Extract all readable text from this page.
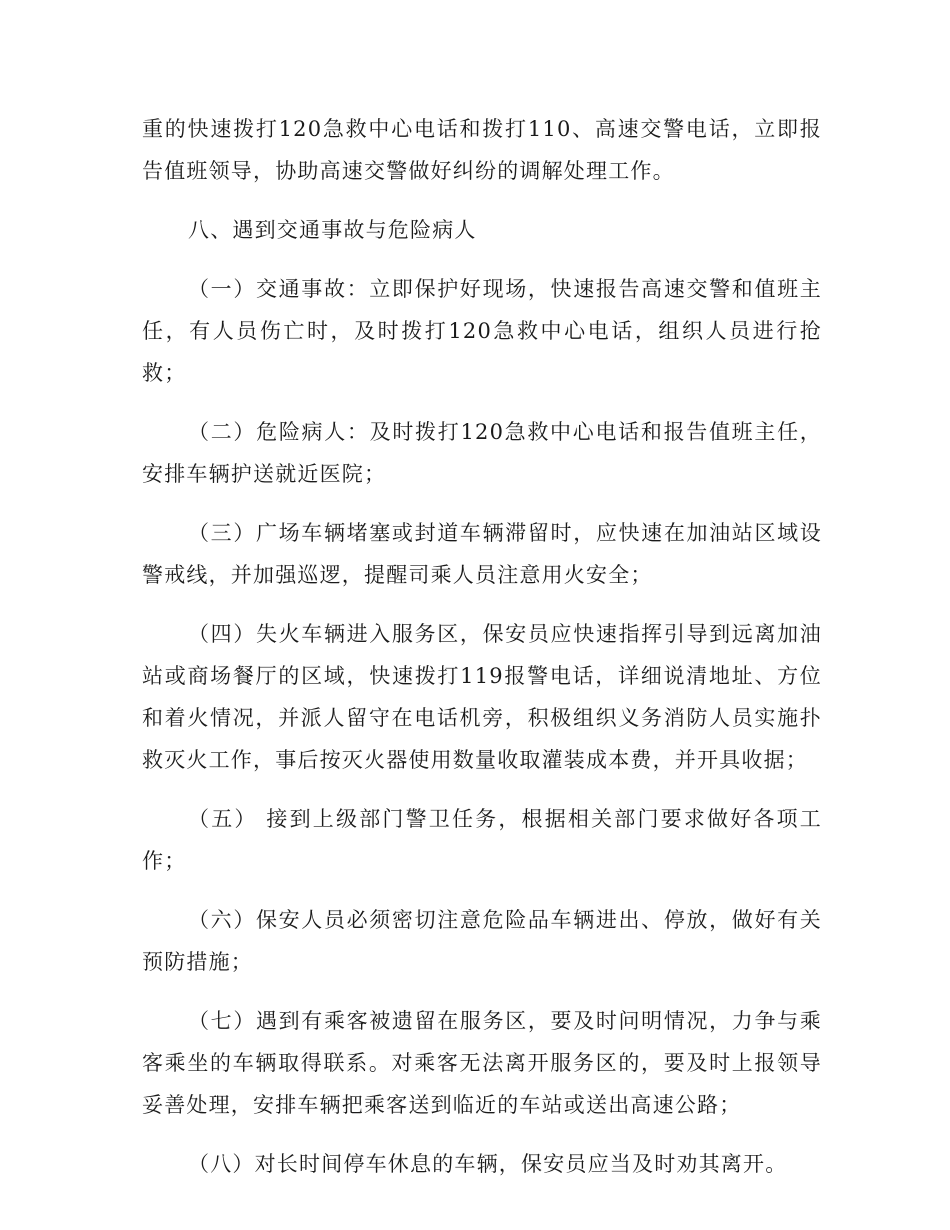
重的快速拨打120急救中心电话和拨打110、高速交警电话，立即报告值班领导，协助高速交警做好纠纷的调解处理工作。

八、遇到交通事故与危险病人

（一）交通事故：立即保护好现场，快速报告高速交警和值班主任，有人员伤亡时，及时拨打120急救中心电话，组织人员进行抢救；

（二）危险病人：及时拨打120急救中心电话和报告值班主任，安排车辆护送就近医院；

（三）广场车辆堵塞或封道车辆滞留时，应快速在加油站区域设警戒线，并加强巡逻，提醒司乘人员注意用火安全；

（四）失火车辆进入服务区，保安员应快速指挥引导到远离加油站或商场餐厅的区域，快速拨打119报警电话，详细说清地址、方位和着火情况，并派人留守在电话机旁，积极组织义务消防人员实施扑救灭火工作，事后按灭火器使用数量收取灌装成本费，并开具收据；

（五） 接到上级部门警卫任务，根据相关部门要求做好各项工作；

（六）保安人员必须密切注意危险品车辆进出、停放，做好有关预防措施；

（七）遇到有乘客被遗留在服务区，要及时问明情况，力争与乘客乘坐的车辆取得联系。对乘客无法离开服务区的，要及时上报领导妥善处理，安排车辆把乘客送到临近的车站或送出高速公路；

（八）对长时间停车休息的车辆，保安员应当及时劝其离开。
